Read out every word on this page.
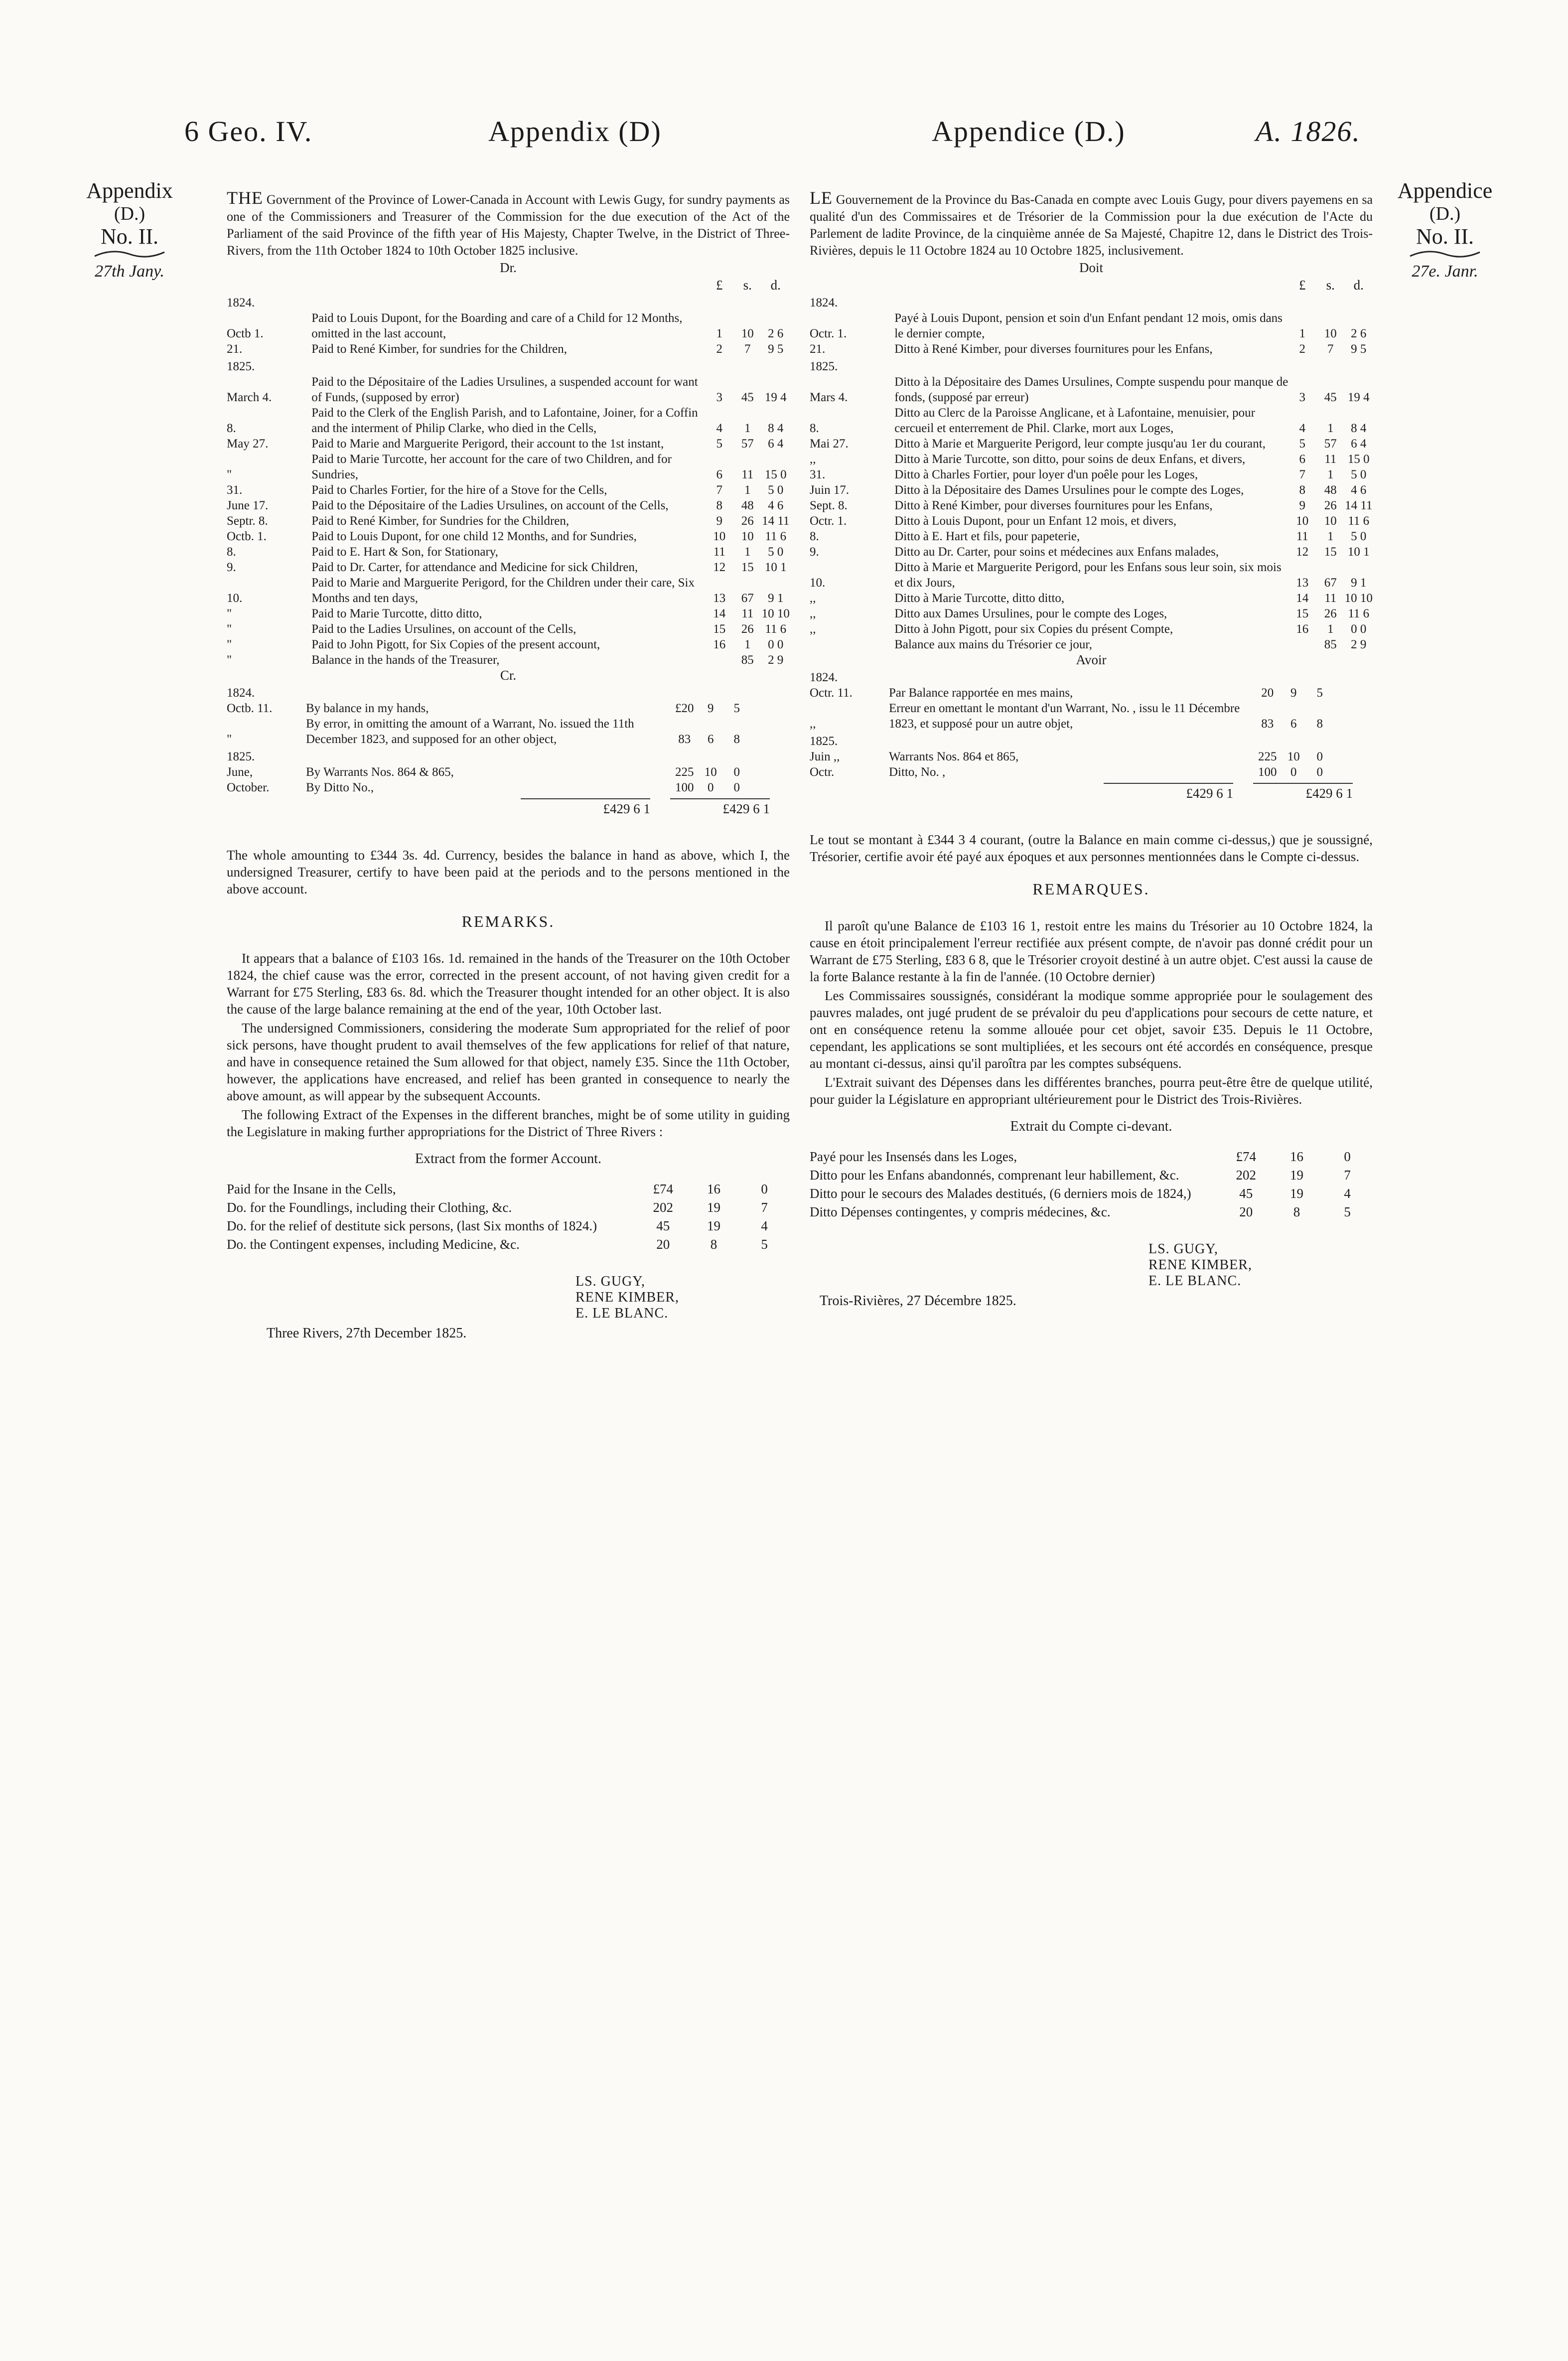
6 Geo. IV.	Appendix (D)	Appendice (D.)	A. 1826.
Appendix
(D.)
No. II.
27th Jany.
Appendice
(D.)
No. II.
27e. Janr.
THE Government of the Province of Lower-Canada in Account with Lewis Gugy, for sundry payments as one of the Commissioners and Treasurer of the Commission for the due execution of the Act of the Parliament of the said Province of the fifth year of His Majesty, Chapter Twelve, in the District of Three-Rivers, from the 11th October 1824 to 10th October 1825 inclusive.
Dr.
		£	s.	d.
1824.				
Octb 1.	Paid to Louis Dupont, for the Boarding and care of a Child for 12 Months, omitted in the last account,	1	10	2 6
21.	Paid to René Kimber, for sundries for the Children,	2	7	9 5
1825.				
March 4.	Paid to the Dépositaire of the Ladies Ursulines, a suspended account for want of Funds, (supposed by error)	3	45	19 4
8.	Paid to the Clerk of the English Parish, and to Lafontaine, Joiner, for a Coffin and the interment of Philip Clarke, who died in the Cells,	4	1	8 4
May 27.	Paid to Marie and Marguerite Perigord, their account to the 1st instant,	5	57	6 4
"	Paid to Marie Turcotte, her account for the care of two Children, and for Sundries,	6	11	15 0
31.	Paid to Charles Fortier, for the hire of a Stove for the Cells,	7	1	5 0
June 17.	Paid to the Dépositaire of the Ladies Ursulines, on account of the Cells,	8	48	4 6
Septr. 8.	Paid to René Kimber, for Sundries for the Children,	9	26	14 11
Octb. 1.	Paid to Louis Dupont, for one child 12 Months, and for Sundries,	10	10	11 6
8.	Paid to E. Hart & Son, for Stationary,	11	1	5 0
9.	Paid to Dr. Carter, for attendance and Medicine for sick Children,	12	15	10 1
10.	Paid to Marie and Marguerite Perigord, for the Children under their care, Six Months and ten days,	13	67	9 1
"	Paid to Marie Turcotte, ditto ditto,	14	11	10 10
"	Paid to the Ladies Ursulines, on account of the Cells,	15	26	11 6
"	Paid to John Pigott, for Six Copies of the present account,	16	1	0 0
"	Balance in the hands of the Treasurer,		85	2 9
Cr.
1824.				
Octb. 11.	By balance in my hands,	£20	9	5
"	By error, in omitting the amount of a Warrant, No. issued the 11th December 1823, and supposed for an other object,	83	6	8
1825.				
June,	By Warrants Nos. 864 & 865,	225	10	0
October.	By Ditto No.,	100	0	0
£429 6 1	£429 6 1
The whole amounting to £344 3s. 4d. Currency, besides the balance in hand as above, which I, the undersigned Treasurer, certify to have been paid at the periods and to the persons mentioned in the above account.
REMARKS.

It appears that a balance of £103 16s. 1d. remained in the hands of the Treasurer on the 10th October 1824, the chief cause was the error, corrected in the present account, of not having given credit for a Warrant for £75 Sterling, £83 6s. 8d. which the Treasurer thought intended for an other object. It is also the cause of the large balance remaining at the end of the year, 10th October last.

The undersigned Commissioners, considering the moderate Sum appropriated for the relief of poor sick persons, have thought prudent to avail themselves of the few applications for relief of that nature, and have in consequence retained the Sum allowed for that object, namely £35. Since the 11th October, however, the applications have encreased, and relief has been granted in consequence to nearly the above amount, as will appear by the subsequent Accounts.

The following Extract of the Expenses in the different branches, might be of some utility in guiding the Legislature in making further appropriations for the District of Three Rivers :

Extract from the former Account.
Paid for the Insane in the Cells,	£74	16	0
Do. for the Foundlings, including their Clothing, &c.	202	19	7
Do. for the relief of destitute sick persons, (last Six months of 1824.)	45	19	4
Do. the Contingent expenses, including Medicine, &c.	20	8	5
LS. GUGY,
RENE KIMBER,
E. LE BLANC.
Three Rivers, 27th December 1825.
LE Gouvernement de la Province du Bas-Canada en compte avec Louis Gugy, pour divers payemens en sa qualité d'un des Commissaires et de Trésorier de la Commission pour la due exécution de l'Acte du Parlement de ladite Province, de la cinquième année de Sa Majesté, Chapitre 12, dans le District des Trois-Rivières, depuis le 11 Octobre 1824 au 10 Octobre 1825, inclusivement.
Doit
		£	s.	d.
1824.				
Octr. 1.	Payé à Louis Dupont, pension et soin d'un Enfant pendant 12 mois, omis dans le dernier compte,	1	10	2 6
21.	Ditto à René Kimber, pour diverses fournitures pour les Enfans,	2	7	9 5
1825.				
Mars 4.	Ditto à la Dépositaire des Dames Ursulines, Compte suspendu pour manque de fonds, (supposé par erreur)	3	45	19 4
8.	Ditto au Clerc de la Paroisse Anglicane, et à Lafontaine, menuisier, pour cercueil et enterrement de Phil. Clarke, mort aux Loges,	4	1	8 4
Mai 27.	Ditto à Marie et Marguerite Perigord, leur compte jusqu'au 1er du courant,	5	57	6 4
,,	Ditto à Marie Turcotte, son ditto, pour soins de deux Enfans, et divers,	6	11	15 0
31.	Ditto à Charles Fortier, pour loyer d'un poêle pour les Loges,	7	1	5 0
Juin 17.	Ditto à la Dépositaire des Dames Ursulines pour le compte des Loges,	8	48	4 6
Sept. 8.	Ditto à René Kimber, pour diverses fournitures pour les Enfans,	9	26	14 11
Octr. 1.	Ditto à Louis Dupont, pour un Enfant 12 mois, et divers,	10	10	11 6
8.	Ditto à E. Hart et fils, pour papeterie,	11	1	5 0
9.	Ditto au Dr. Carter, pour soins et médecines aux Enfans malades,	12	15	10 1
10.	Ditto à Marie et Marguerite Perigord, pour les Enfans sous leur soin, six mois et dix Jours,	13	67	9 1
,,	Ditto à Marie Turcotte, ditto ditto,	14	11	10 10
,,	Ditto aux Dames Ursulines, pour le compte des Loges,	15	26	11 6
,,	Ditto à John Pigott, pour six Copies du présent Compte,	16	1	0 0
	Balance aux mains du Trésorier ce jour,		85	2 9
Avoir
1824.				
Octr. 11.	Par Balance rapportée en mes mains,	20	9	5
,,	Erreur en omettant le montant d'un Warrant, No. , issu le 11 Décembre 1823, et supposé pour un autre objet,	83	6	8
1825.				
Juin ,,	Warrants Nos. 864 et 865,	225	10	0
Octr.	Ditto, No. ,	100	0	0
£429 6 1	£429 6 1
Le tout se montant à £344 3 4 courant, (outre la Balance en main comme ci-dessus,) que je soussigné, Trésorier, certifie avoir été payé aux époques et aux personnes mentionnées dans le Compte ci-dessus.
REMARQUES.

Il paroît qu'une Balance de £103 16 1, restoit entre les mains du Trésorier au 10 Octobre 1824, la cause en étoit principalement l'erreur rectifiée aux présent compte, de n'avoir pas donné crédit pour un Warrant de £75 Sterling, £83 6 8, que le Trésorier croyoit destiné à un autre objet. C'est aussi la cause de la forte Balance restante à la fin de l'année. (10 Octobre dernier)

Les Commissaires soussignés, considérant la modique somme appropriée pour le soulagement des pauvres malades, ont jugé prudent de se prévaloir du peu d'applications pour secours de cette nature, et ont en conséquence retenu la somme allouée pour cet objet, savoir £35. Depuis le 11 Octobre, cependant, les applications se sont multipliées, et les secours ont été accordés en conséquence, presque au montant ci-dessus, ainsi qu'il paroîtra par les comptes subséquens.

L'Extrait suivant des Dépenses dans les différentes branches, pourra peut-être être de quelque utilité, pour guider la Législature en appropriant ultérieurement pour le District des Trois-Rivières.

Extrait du Compte ci-devant.
Payé pour les Insensés dans les Loges,	£74	16	0
Ditto pour les Enfans abandonnés, comprenant leur habillement, &c.	202	19	7
Ditto pour le secours des Malades destitués, (6 derniers mois de 1824,)	45	19	4
Ditto Dépenses contingentes, y compris médecines, &c.	20	8	5
LS. GUGY,
RENE KIMBER,
E. LE BLANC.
Trois-Rivières, 27 Décembre 1825.
